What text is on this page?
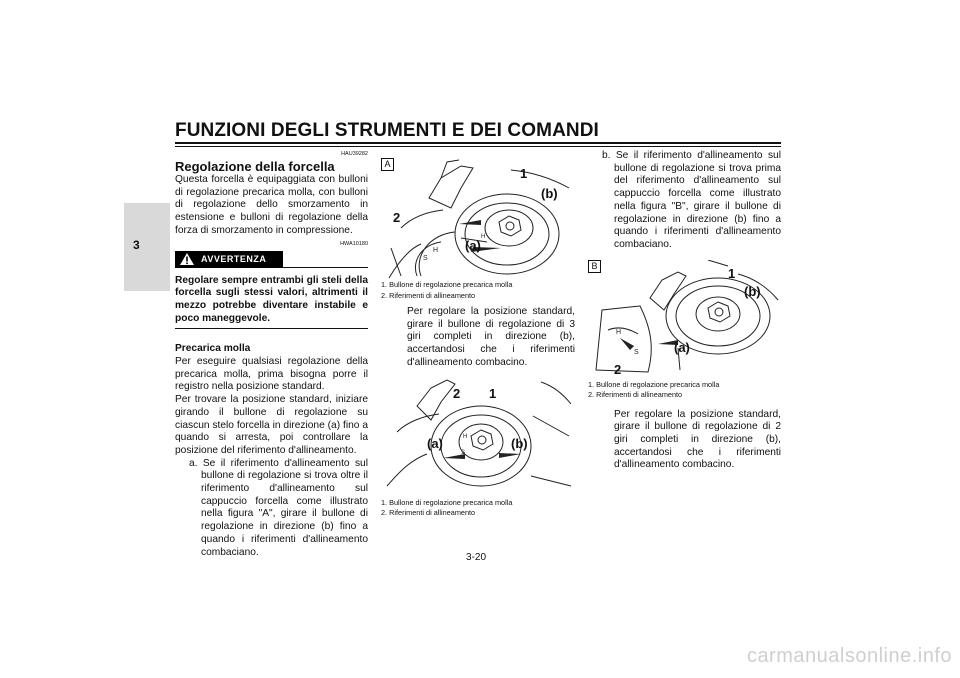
FUNZIONI DEGLI STRUMENTI E DEI COMANDI
3
HAU39282
Regolazione della forcella
Questa forcella è equipaggiata con bulloni di regolazione precarica molla, con bulloni di regolazione dello smorzamento in estensione e bulloni di regolazione della forza di smorzamento in compressione.
HWA10180
AVVERTENZA
Regolare sempre entrambi gli steli della forcella sugli stessi valori, altrimenti il mezzo potrebbe diventare instabile e poco maneggevole.
Precarica molla
Per eseguire qualsiasi regolazione della precarica molla, prima bisogna porre il registro nella posizione standard.
Per trovare la posizione standard, iniziare girando il bullone di regolazione su ciascun stelo forcella in direzione (a) fino a quando si arresta, poi controllare la posizione del riferimento d'allineamento.
a. Se il riferimento d'allineamento sul bullone di regolazione si trova oltre il riferimento d'allineamento sul cappuccio forcella come illustrato nella figura "A", girare il bullone di regolazione in direzione (b) fino a quando i riferimenti d'allineamento combaciano.
A
H
S
H
1
(b)
2
(a)
1. Bullone di regolazione precarica molla
2. Riferimenti di allineamento
Per regolare la posizione standard, girare il bullone di regolazione di 3 giri completi in direzione (b), accertandosi che i riferimenti d'allineamento combacino.
H
S
2 1
(a)	(b)
1. Bullone di regolazione precarica molla
2. Riferimenti di allineamento
b. Se il riferimento d'allineamento sul bullone di regolazione si trova prima del riferimento d'allineamento sul cappuccio forcella come illustrato nella figura "B", girare il bullone di regolazione in direzione (b) fino a quando i riferimenti d'allineamento combaciano.
B
H
S
1
(b)
(a)
2
1. Bullone di regolazione precarica molla
2. Riferimenti di allineamento
Per regolare la posizione standard, girare il bullone di regolazione di 2 giri completi in direzione (b), accertandosi che i riferimenti d'allineamento combacino.
3-20
carmanualsonline.info
